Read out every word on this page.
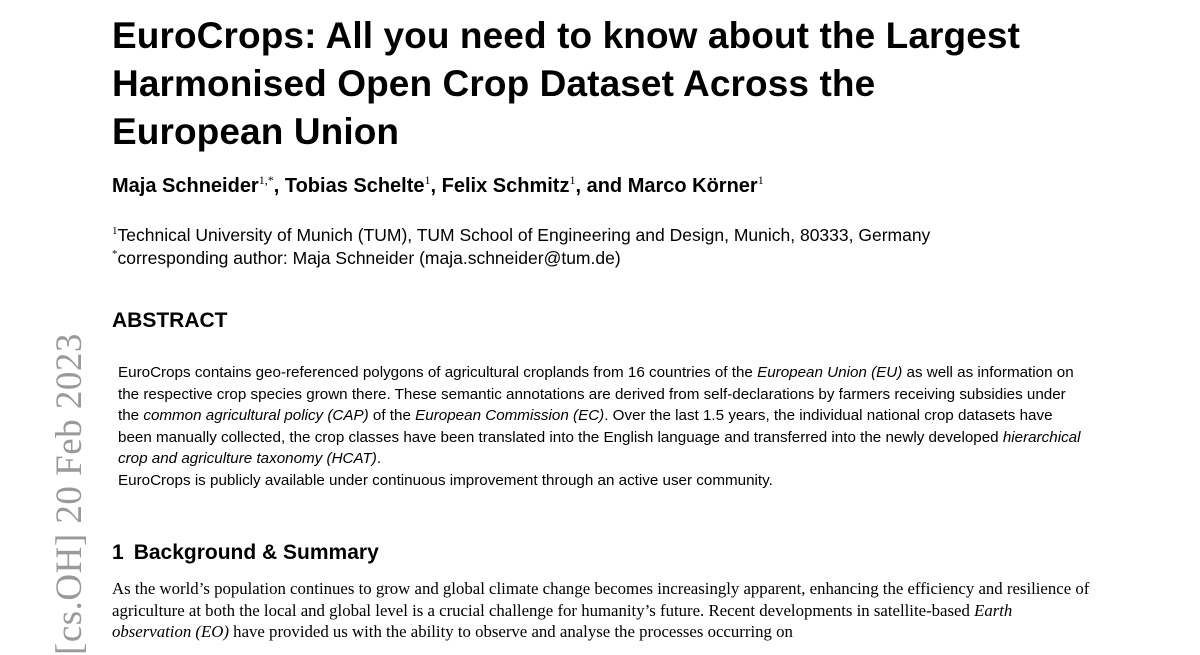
[cs.OH] 20 Feb 2023
EuroCrops: All you need to know about the Largest
Harmonised Open Crop Dataset Across the
European Union
Maja Schneider$^{1,*}$, Tobias Schelte$^1$, Felix Schmitz$^1$, and Marco Körner$^1$
$^1$Technical University of Munich (TUM), TUM School of Engineering and Design, Munich, 80333, Germany
*corresponding author: Maja Schneider (maja.schneider@tum.de)
ABSTRACT

EuroCrops contains geo-referenced polygons of agricultural croplands from 16 countries of the European Union (EU) as well as information on the respective crop species grown there. These semantic annotations are derived from self-declarations by farmers receiving subsidies under the common agricultural policy (CAP) of the European Commission (EC). Over the last 1.5 years, the individual national crop datasets have been manually collected, the crop classes have been translated into the English language and transferred into the newly developed hierarchical crop and agriculture taxonomy (HCAT).

EuroCrops is publicly available under continuous improvement through an active user community.

1 Background & Summary

As the world’s population continues to grow and global climate change becomes increasingly apparent, enhancing the efficiency and resilience of agriculture at both the local and global level is a crucial challenge for humanity’s future. Recent developments in satellite-based Earth observation (EO) have provided us with the ability to observe and analyse the processes occurring on
